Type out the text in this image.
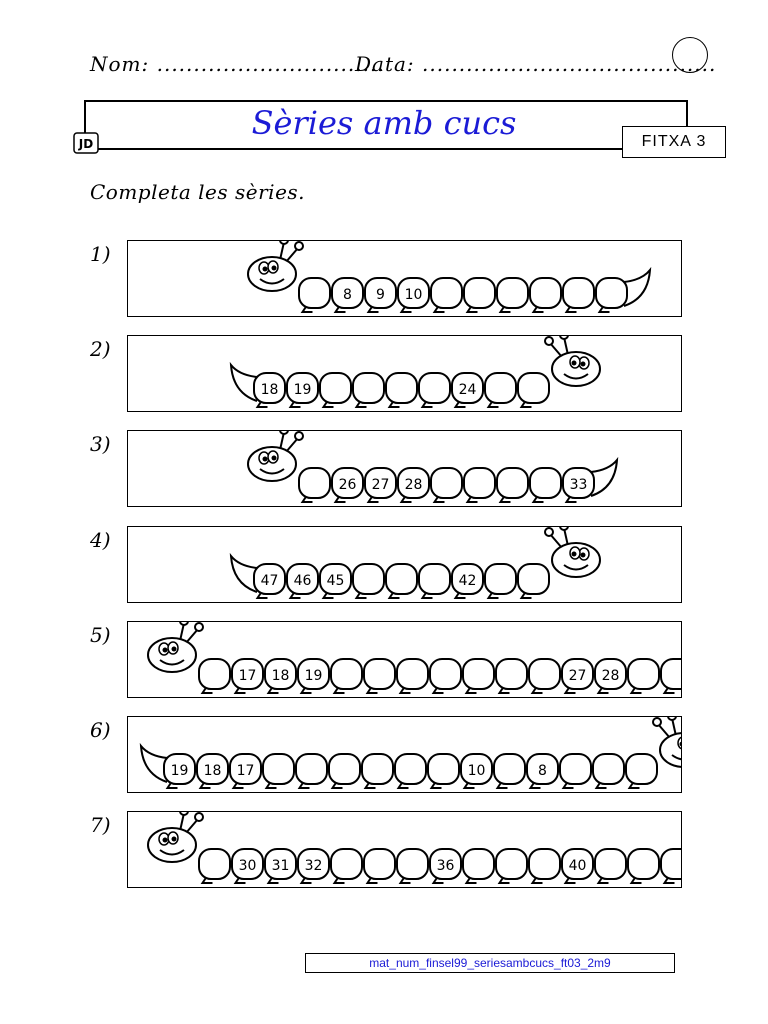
Nom: ...............................
Data: ........................................
Sèries amb cucs
JD	FITXA 3
Completa les sèries.
1)
8 9 10
2)
18 19	24
3)
26 27 28	33
4)
47 46 45	42
5)
17 18 19	27 28
6)
19 18 17	10	8
7)
30 31 32	36	40
mat_num_finsel99_seriesambcucs_ft03_2m9
